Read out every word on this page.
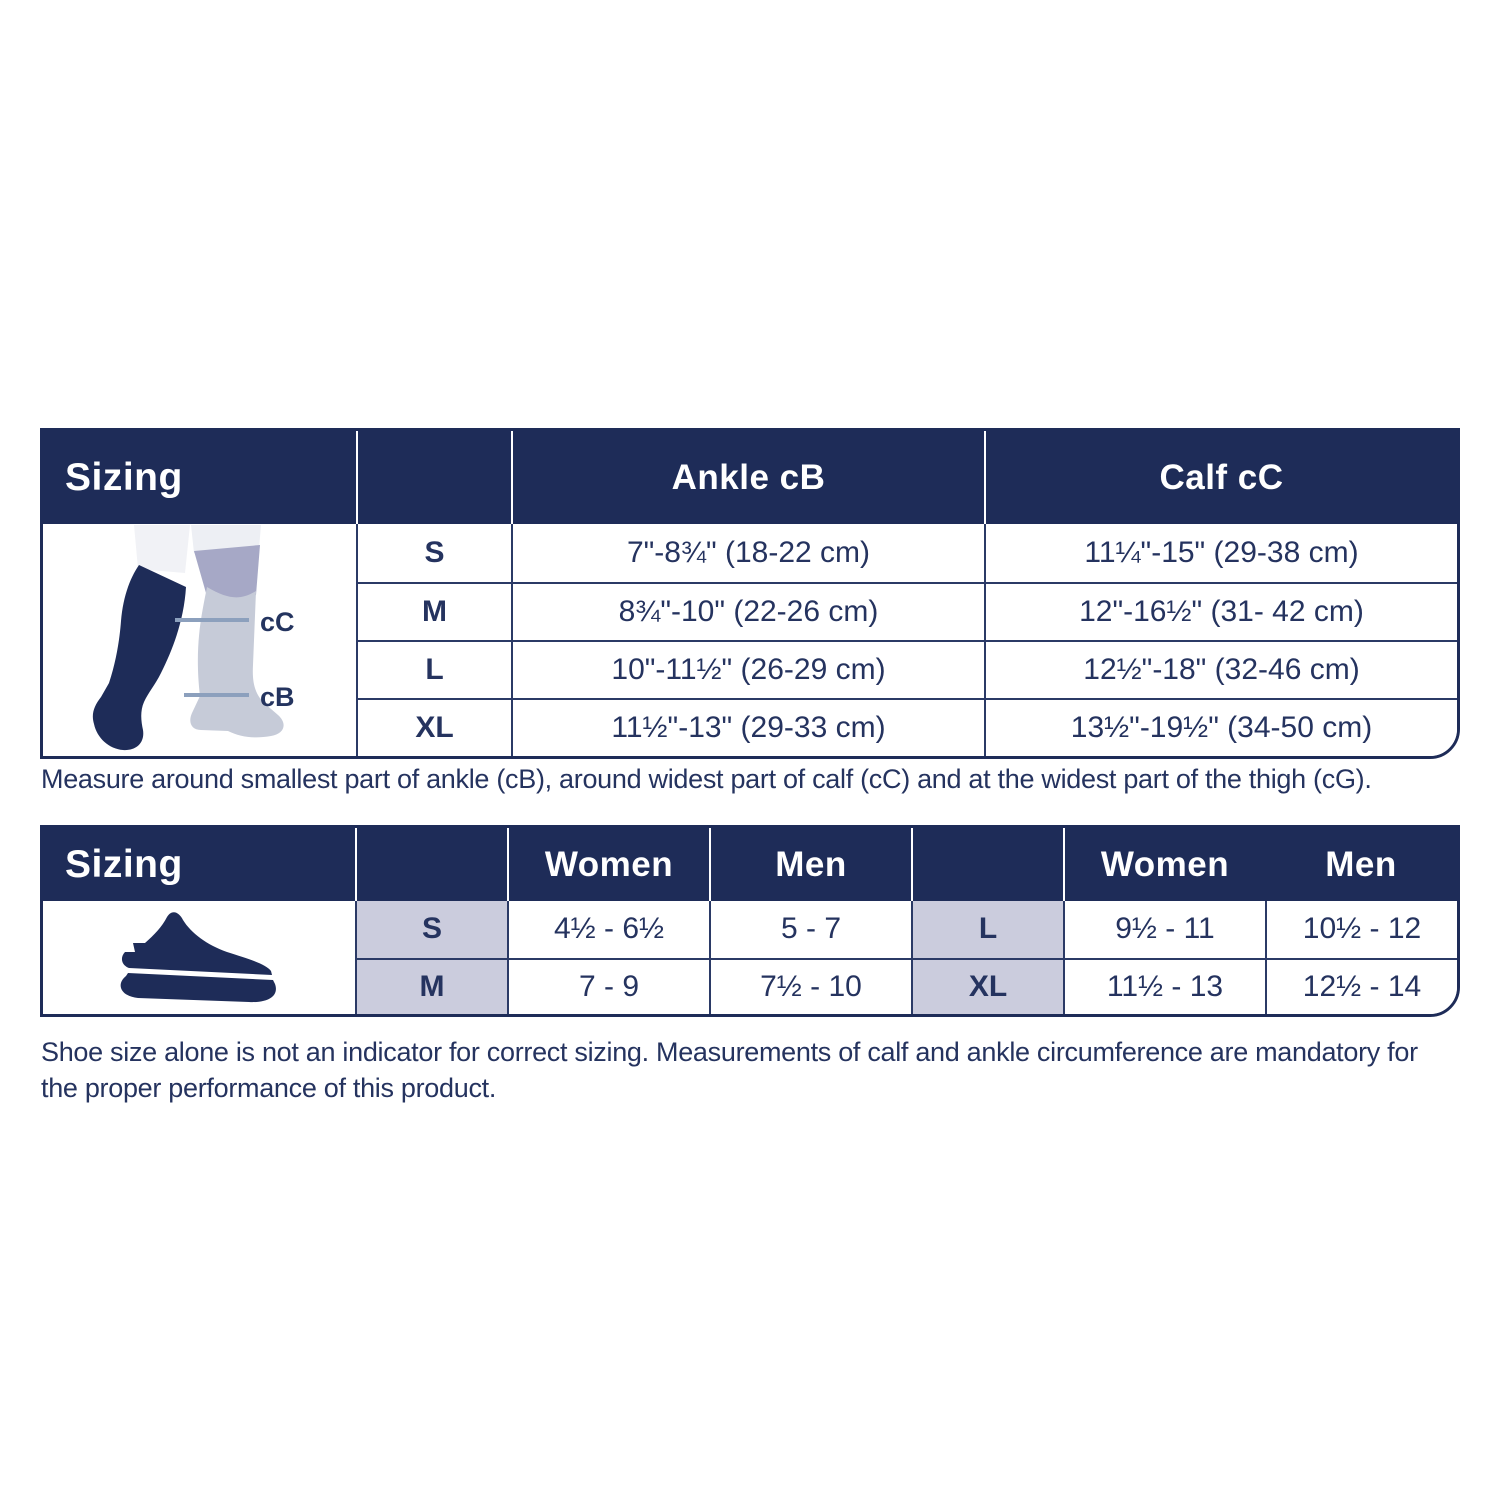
Sizing	Ankle cB	Calf cC
cC
cB
S	7"-8¾" (18-22 cm)	11¼"-15" (29-38 cm)
M	8¾"-10" (22-26 cm)	12"-16½" (31- 42 cm)
L	10"-11½" (26-29 cm)	12½"-18" (32-46 cm)
XL	11½"-13" (29-33 cm)	13½"-19½" (34-50 cm)

Measure around smallest part of ankle (cB), around widest part of calf (cC) and at the widest part of the thigh (cG).

Sizing	Women	Men	Women	Men
S	4½ - 6½	5 - 7	L	9½ - 11	10½ - 12
M	7 - 9	7½ - 10	XL	11½ - 13	12½ - 14

Shoe size alone is not an indicator for correct sizing. Measurements of calf and ankle circumference are mandatory for
the proper performance of this product.
